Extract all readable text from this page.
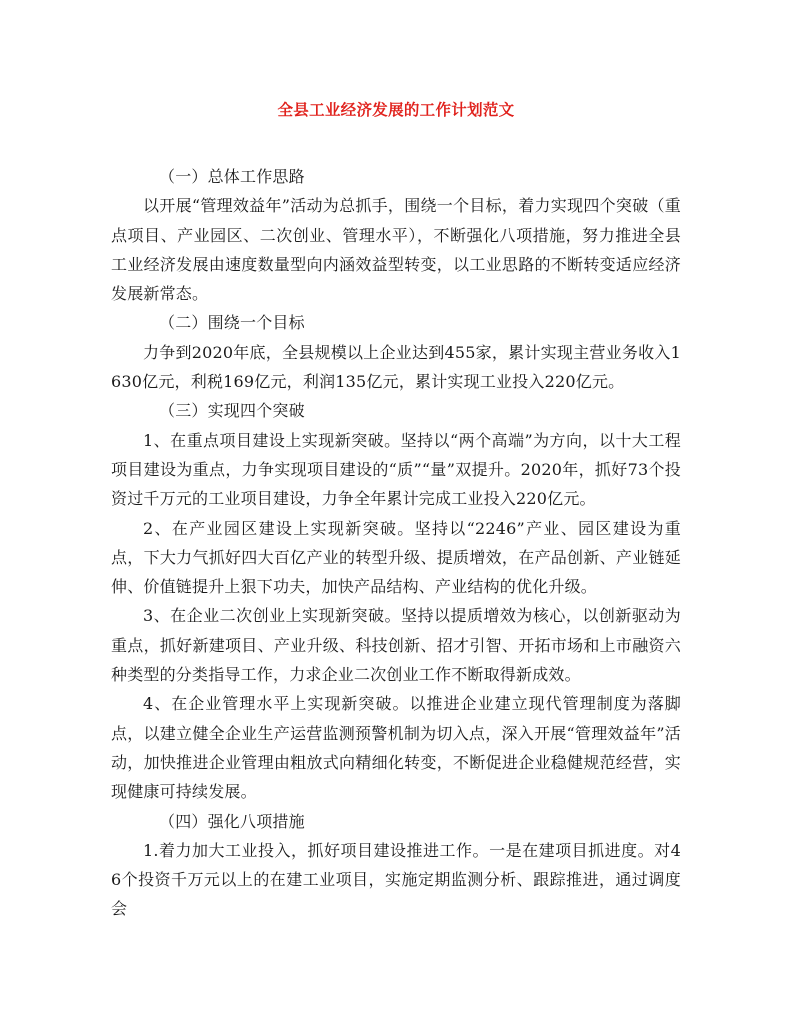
全县工业经济发展的工作计划范文

（一）总体工作思路

以开展“管理效益年”活动为总抓手，围绕一个目标，着力实现四个突破（重点项目、产业园区、二次创业、管理水平），不断强化八项措施，努力推进全县工业经济发展由速度数量型向内涵效益型转变，以工业思路的不断转变适应经济发展新常态。

（二）围绕一个目标

力争到2020年底，全县规模以上企业达到455家，累计实现主营业务收入1630亿元，利税169亿元，利润135亿元，累计实现工业投入220亿元。

（三）实现四个突破

1、在重点项目建设上实现新突破。坚持以“两个高端”为方向，以十大工程项目建设为重点，力争实现项目建设的“质”“量”双提升。2020年，抓好73个投资过千万元的工业项目建设，力争全年累计完成工业投入220亿元。

2、在产业园区建设上实现新突破。坚持以“2246”产业、园区建设为重点，下大力气抓好四大百亿产业的转型升级、提质增效，在产品创新、产业链延伸、价值链提升上狠下功夫，加快产品结构、产业结构的优化升级。

3、在企业二次创业上实现新突破。坚持以提质增效为核心，以创新驱动为重点，抓好新建项目、产业升级、科技创新、招才引智、开拓市场和上市融资六种类型的分类指导工作，力求企业二次创业工作不断取得新成效。

4、在企业管理水平上实现新突破。以推进企业建立现代管理制度为落脚点，以建立健全企业生产运营监测预警机制为切入点，深入开展“管理效益年”活动，加快推进企业管理由粗放式向精细化转变，不断促进企业稳健规范经营，实现健康可持续发展。

（四）强化八项措施

1.着力加大工业投入，抓好项目建设推进工作。一是在建项目抓进度。对46个投资千万元以上的在建工业项目，实施定期监测分析、跟踪推进，通过调度会
